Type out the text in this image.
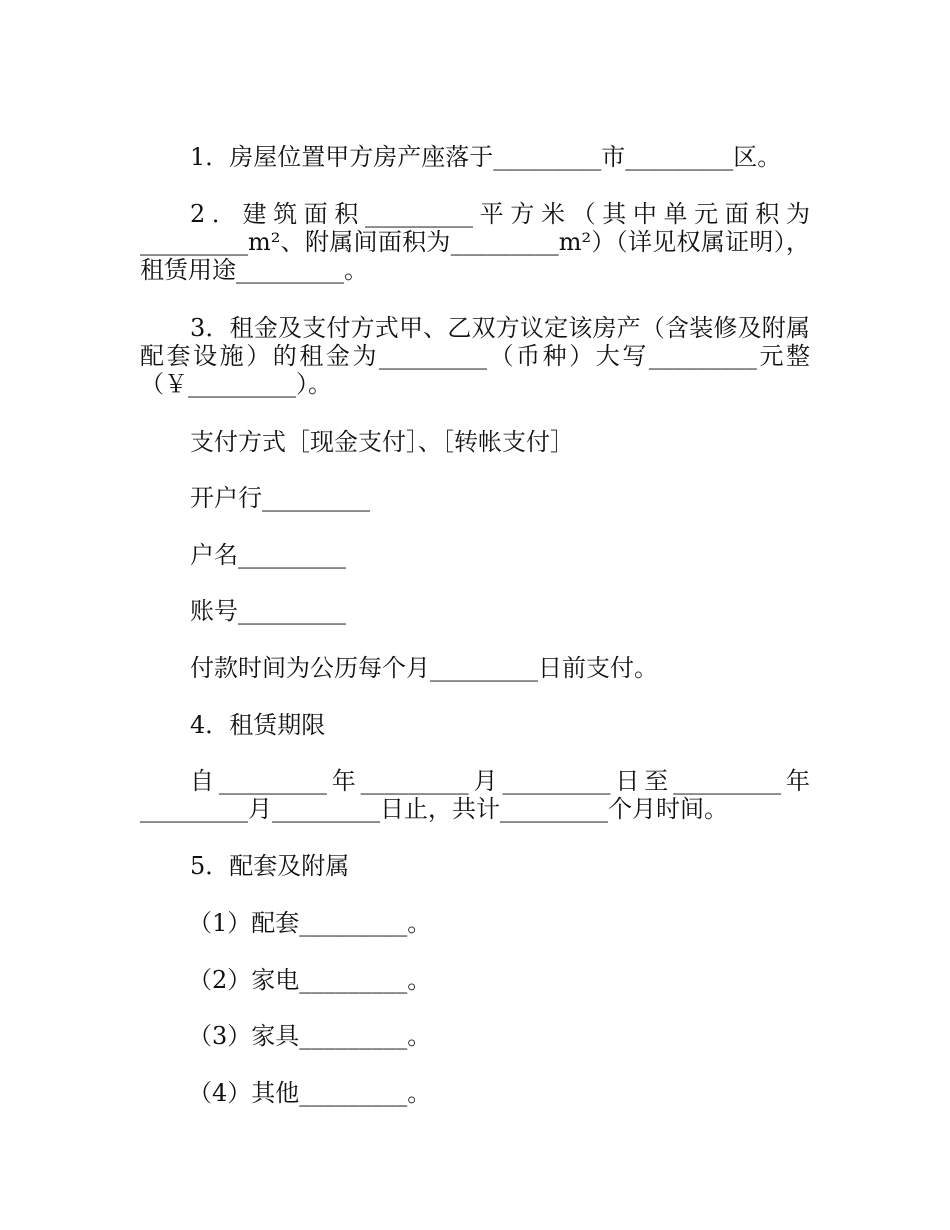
1．房屋位置甲方房产座落于_________市_________区。

2．建筑面积_________平方米（其中单元面积为_________m²、附属间面积为_________m²）（详见权属证明），租赁用途_________。

3．租金及支付方式甲、乙双方议定该房产（含装修及附属配套设施）的租金为_________（币种）大写_________元整（￥_________）。

支付方式［现金支付］、［转帐支付］

开户行_________

户名_________

账号_________

付款时间为公历每个月_________日前支付。

4．租赁期限

自_________年_________月_________日至_________年_________月_________日止，共计_________个月时间。

5．配套及附属

（1）配套_________。

（2）家电_________。

（3）家具_________。

（4）其他_________。
